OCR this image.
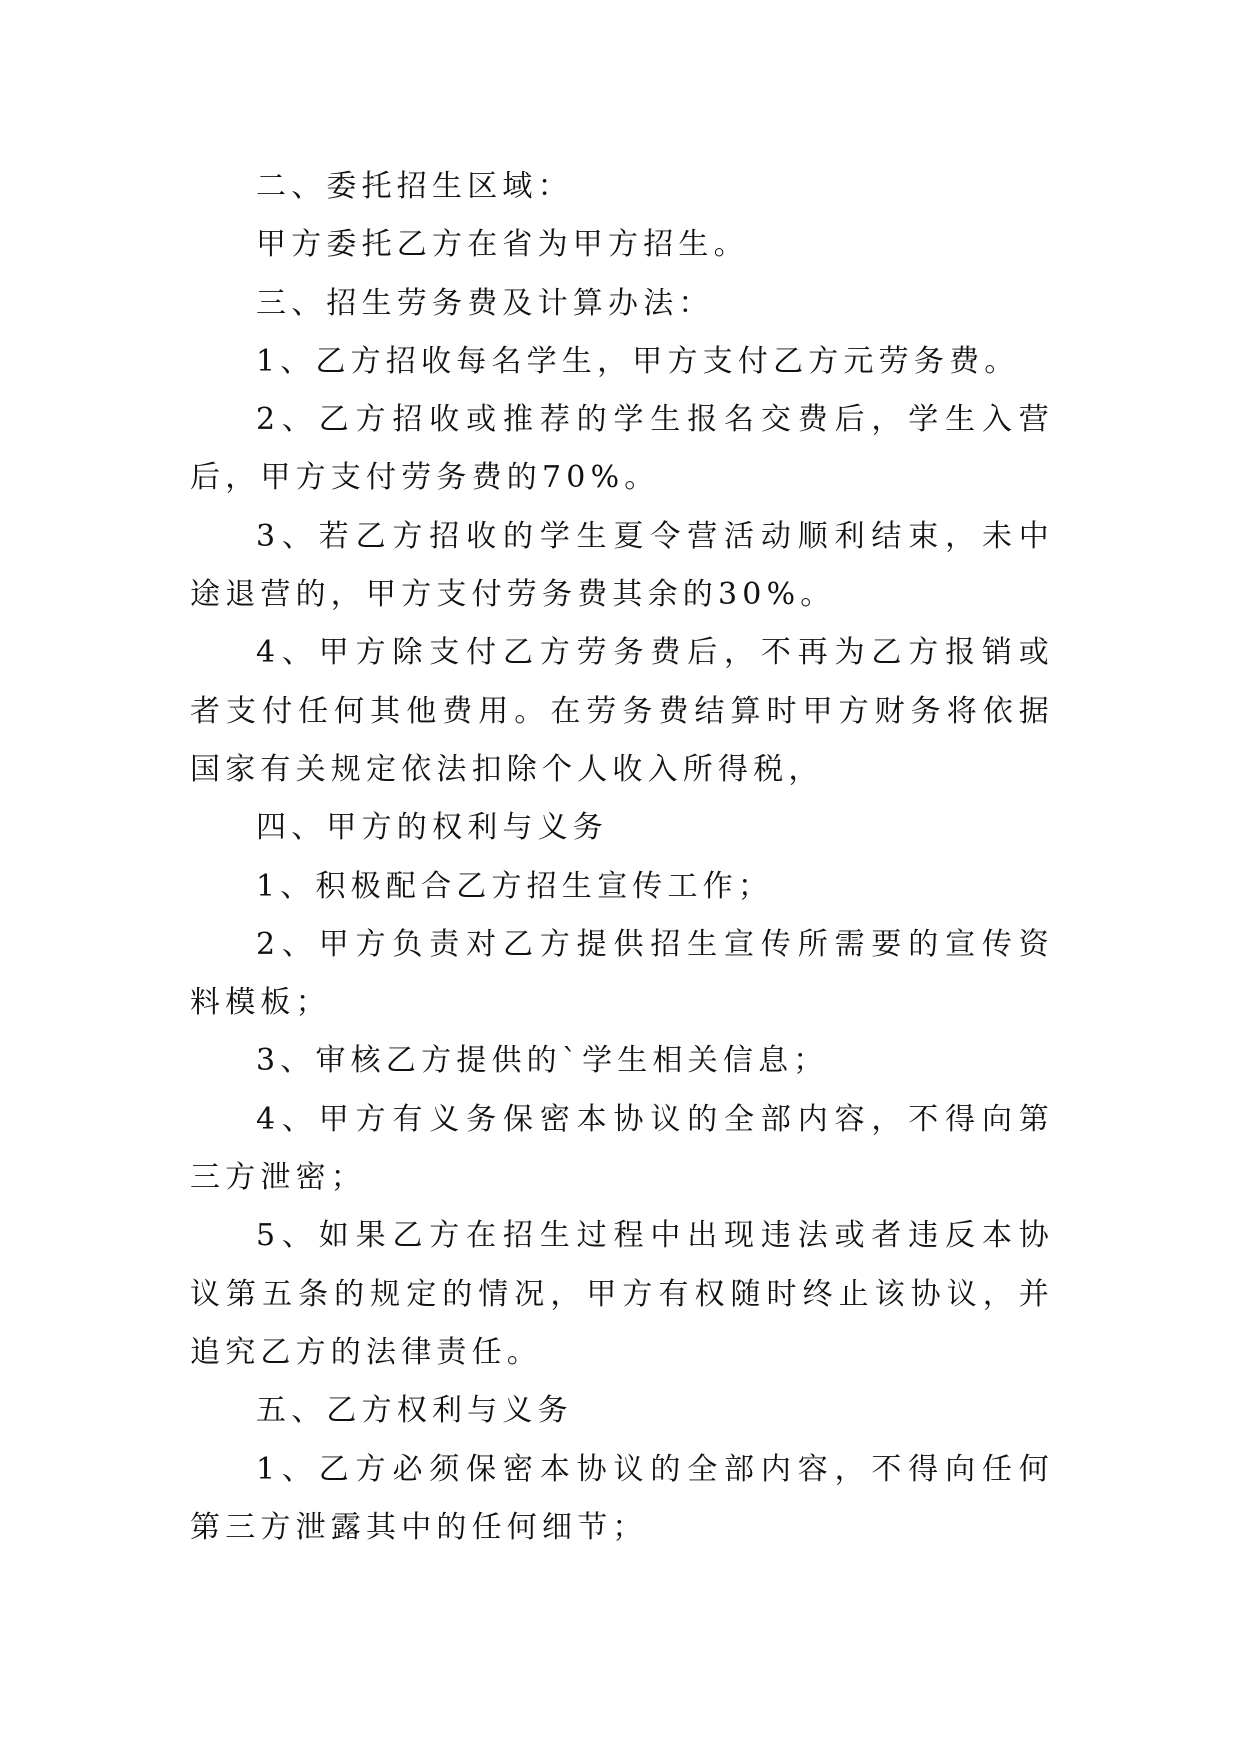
二、委托招生区域：

甲方委托乙方在省为甲方招生。

三、招生劳务费及计算办法：

1、乙方招收每名学生，甲方支付乙方元劳务费。

2、乙方招收或推荐的学生报名交费后，学生入营后，甲方支付劳务费的70%。

3、若乙方招收的学生夏令营活动顺利结束，未中途退营的，甲方支付劳务费其余的30%。

4、甲方除支付乙方劳务费后，不再为乙方报销或者支付任何其他费用。在劳务费结算时甲方财务将依据国家有关规定依法扣除个人收入所得税，

四、甲方的权利与义务

1、积极配合乙方招生宣传工作；

2、甲方负责对乙方提供招生宣传所需要的宣传资料模板；

3、审核乙方提供的`学生相关信息；

4、甲方有义务保密本协议的全部内容，不得向第三方泄密；

5、如果乙方在招生过程中出现违法或者违反本协议第五条的规定的情况，甲方有权随时终止该协议，并追究乙方的法律责任。

五、乙方权利与义务

1、乙方必须保密本协议的全部内容，不得向任何第三方泄露其中的任何细节；
